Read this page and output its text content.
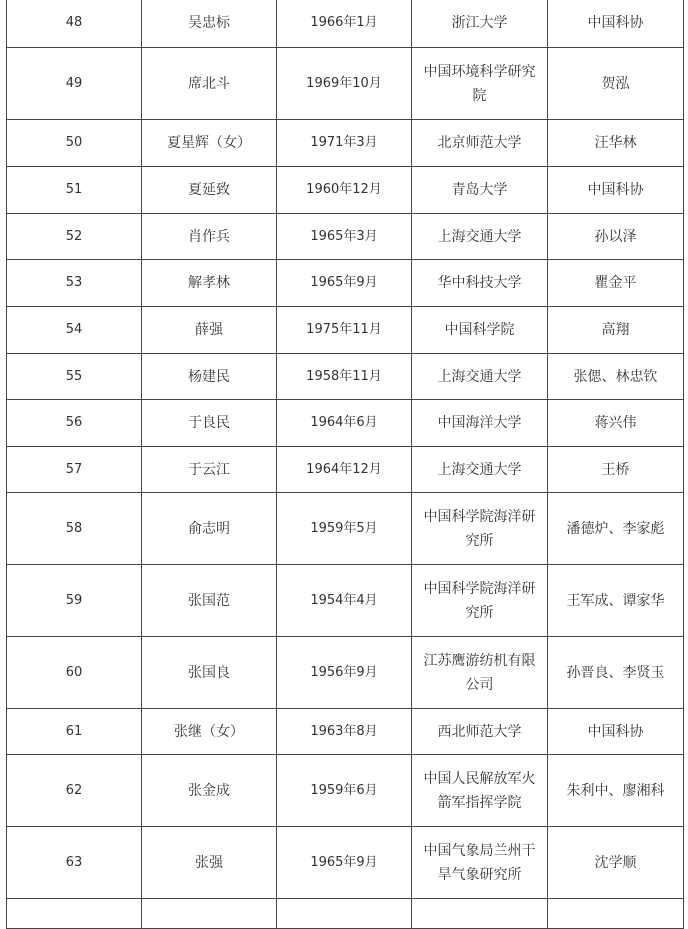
48	吴忠标	1966年1月	浙江大学	中国科协
49	席北斗	1969年10月	中国环境科学研究院	贺泓
50	夏星辉（女）	1971年3月	北京师范大学	汪华林
51	夏延致	1960年12月	青岛大学	中国科协
52	肖作兵	1965年3月	上海交通大学	孙以泽
53	解孝林	1965年9月	华中科技大学	瞿金平
54	薛强	1975年11月	中国科学院	高翔
55	杨建民	1958年11月	上海交通大学	张偲、林忠钦
56	于良民	1964年6月	中国海洋大学	蒋兴伟
57	于云江	1964年12月	上海交通大学	王桥
58	俞志明	1959年5月	中国科学院海洋研究所	潘德炉、李家彪
59	张国范	1954年4月	中国科学院海洋研究所	王军成、谭家华
60	张国良	1956年9月	江苏鹰游纺机有限公司	孙晋良、李贤玉
61	张继（女）	1963年8月	西北师范大学	中国科协
62	张金成	1959年6月	中国人民解放军火箭军指挥学院	朱利中、廖湘科
63	张强	1965年9月	中国气象局兰州干旱气象研究所	沈学顺
